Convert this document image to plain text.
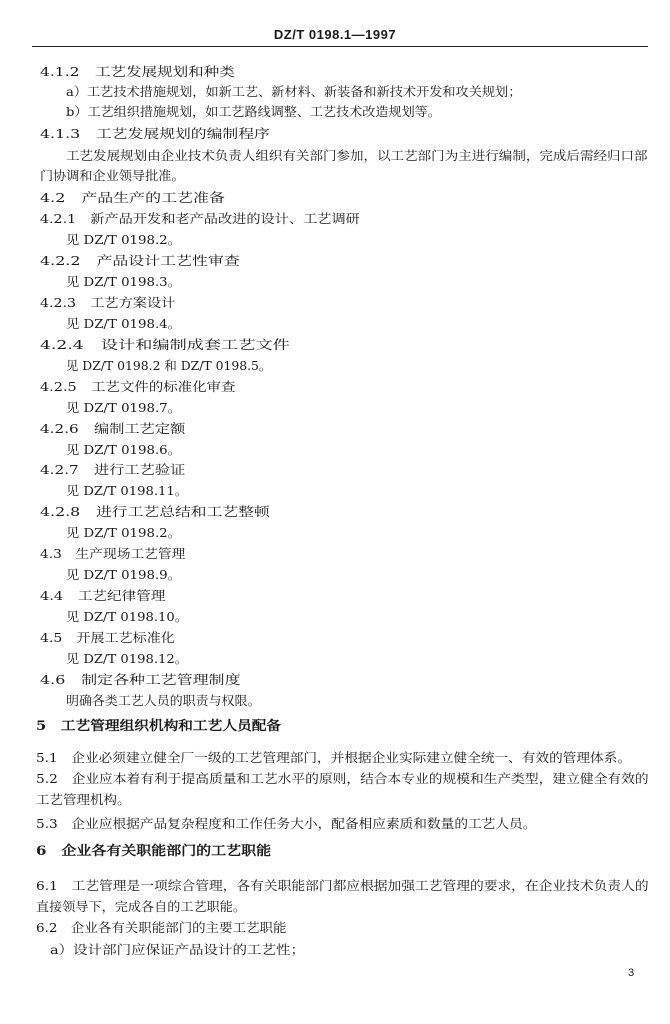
DZ/T 0198.1—1997
4.1.2　工艺发展规划和种类
a）工艺技术措施规划，如新工艺、新材料、新装备和新技术开发和攻关规划；
b）工艺组织措施规划，如工艺路线调整、工艺技术改造规划等。
4.1.3　工艺发展规划的编制程序
工艺发展规划由企业技术负责人组织有关部门参加，以工艺部门为主进行编制，完成后需经归口部
门协调和企业领导批准。
4.2　产品生产的工艺准备
4.2.1　新产品开发和老产品改进的设计、工艺调研
见 DZ/T 0198.2。
4.2.2　产品设计工艺性审查
见 DZ/T 0198.3。
4.2.3　工艺方案设计
见 DZ/T 0198.4。
4.2.4　设计和编制成套工艺文件
见 DZ/T 0198.2 和 DZ/T 0198.5。
4.2.5　工艺文件的标准化审查
见 DZ/T 0198.7。
4.2.6　编制工艺定额
见 DZ/T 0198.6。
4.2.7　进行工艺验证
见 DZ/T 0198.11。
4.2.8　进行工艺总结和工艺整顿
见 DZ/T 0198.2。
4.3　生产现场工艺管理
见 DZ/T 0198.9。
4.4　工艺纪律管理
见 DZ/T 0198.10。
4.5　开展工艺标准化
见 DZ/T 0198.12。
4.6　制定各种工艺管理制度
明确各类工艺人员的职责与权限。
5　工艺管理组织机构和工艺人员配备
5.1　企业必须建立健全厂一级的工艺管理部门，并根据企业实际建立健全统一、有效的管理体系。
5.2　企业应本着有利于提高质量和工艺水平的原则，结合本专业的规模和生产类型，建立健全有效的
工艺管理机构。
5.3　企业应根据产品复杂程度和工作任务大小，配备相应素质和数量的工艺人员。
6　企业各有关职能部门的工艺职能
6.1　工艺管理是一项综合管理，各有关职能部门都应根据加强工艺管理的要求，在企业技术负责人的
直接领导下，完成各自的工艺职能。
6.2　企业各有关职能部门的主要工艺职能
a）设计部门应保证产品设计的工艺性；
3
